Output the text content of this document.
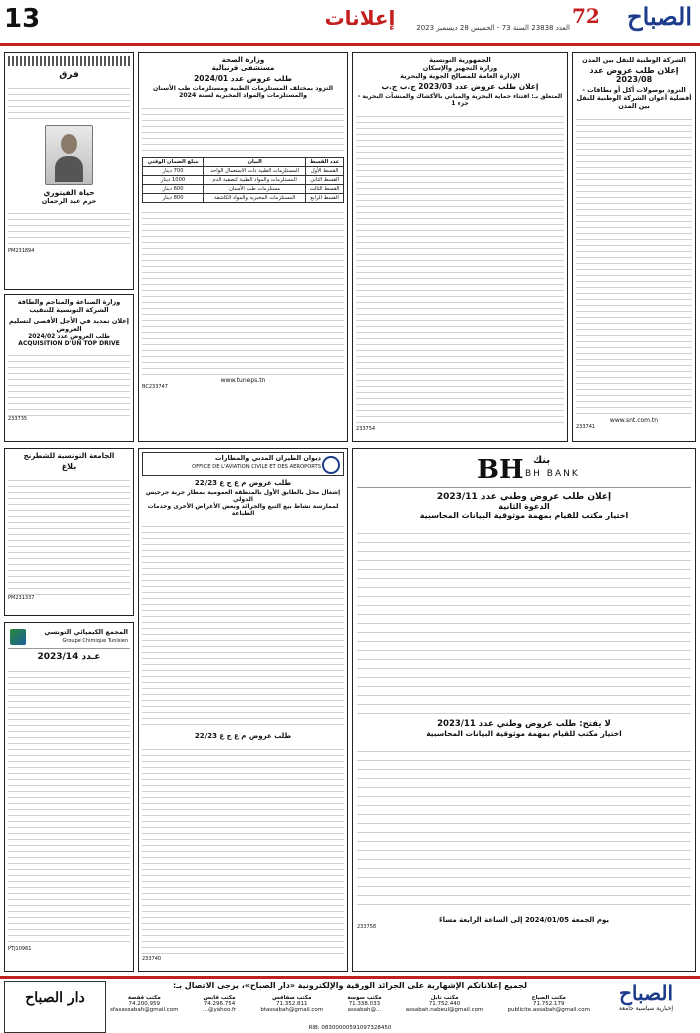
الصباح
72
العدد 23838 السنة 73 - الخميس 28 ديسمبر 2023
إعلانات
13
الشركة الوطنية للنقل بين المدن
إعلان طلب عروض عدد 2023/08
التزود بوصولات أكل أو بطاقات - أفضلية أعوان الشركة الوطنية للنقل بين المدن
www.snt.com.tn
233741
الجمهورية التونسية
وزارة التجهيز والإسكان
الإدارة العامة للمصالح الجوية والبحرية
إعلان طلب عروض عدد 2023/03 ج.ب ج.ب
المتعلق بـ: اقتناء حماية البحرية والمباني بالأكشاك والمنشآت البحرية - جزء 1
233754
وزارة الصحة
مستشفى قرنبالية
طلب عروض عدد 2024/01
التزود بمختلف المستلزمات الطبية ومستلزمات طب الأسنان والمستلزمات والمواد المخبرية لسنة 2024
عدد القسط	البيان	مبلغ الضمان الوقتي
القسط الأول	المستلزمات الطبية ذات الاستعمال الواحد	700 دينار
القسط الثاني	المستلزمات والمواد الطبية لتصفية الدم	1000 دينار
القسط الثالث	مستلزمات طب الأسنان	600 دينار
القسط الرابع	المستلزمات المخبرية والمواد الكاشفة	800 دينار
www.tuneps.tn
BC233747
فرق
حياة الفيتوري
حرم عبد الرحمان
PM231894
وزارة الصناعة والمناجم والطاقة
الشركة التونسية للتنقيب
إعلان تمديد في الأجل الأقصى لتسليم العروض
طلب العروض عدد 2024/02
ACQUISITION D'UN TOP DRIVE
233735
الجامعة التونسية للشطرنج
بلاغ
PM231337
المجمع الكيميائي التونسي
Groupe Chimique Tunisien
عـدد 2023/14
PTJ10961
ديوان الطيران المدني والمطارات
OFFICE DE L'AVIATION CIVILE ET DES AEROPORTS
طلب عروض م ع ج ع 22/23
إشغال محل بالطابق الأول بالمنطقة العمومية بمطار جربة جرجيس الدولي
لممارسة نشاط بيع التبغ والجرائد وبعض الأغراض الأخرى وخدمات الطباعة
طلب عروض م ع ج ع 22/23
233740
BH BH BANK
بنك
إعلان طلب عروض وطني عدد 2023/11
الدعوة الثانية
اختيار مكتب للقيام بمهمة موثوقية البيانات المحاسبية
لا يفتح: طلب عروض وطني عدد 2023/11
اختيار مكتب للقيام بمهمة موثوقية البيانات المحاسبية
يوم الجمعة 2024/01/05 إلى الساعة الرابعة مساءً
233758
لجميع إعلاناتكم الإشهارية على الجرائد الورقية والإلكترونية «دار الصباح»، يرجى الاتصال بـ:	الصباح
إخبارية سياسية جامعة
دار الصباح	مكتب الصباح
71.752.179
publicite.assabah@gmail.com
مكتب نابل
71.752.440
assabah.nabeul@gmail.com
مكتب سوسة
71.338.033
assabah@...
مكتب صفاقس
71.352.811
btassabah@gmail.com
مكتب قابس
74.296.754
...@yahoo.fr
مكتب قفصة
74.200.959
sfaxassabah@gmail.com
RIB: 08300000591097328450
